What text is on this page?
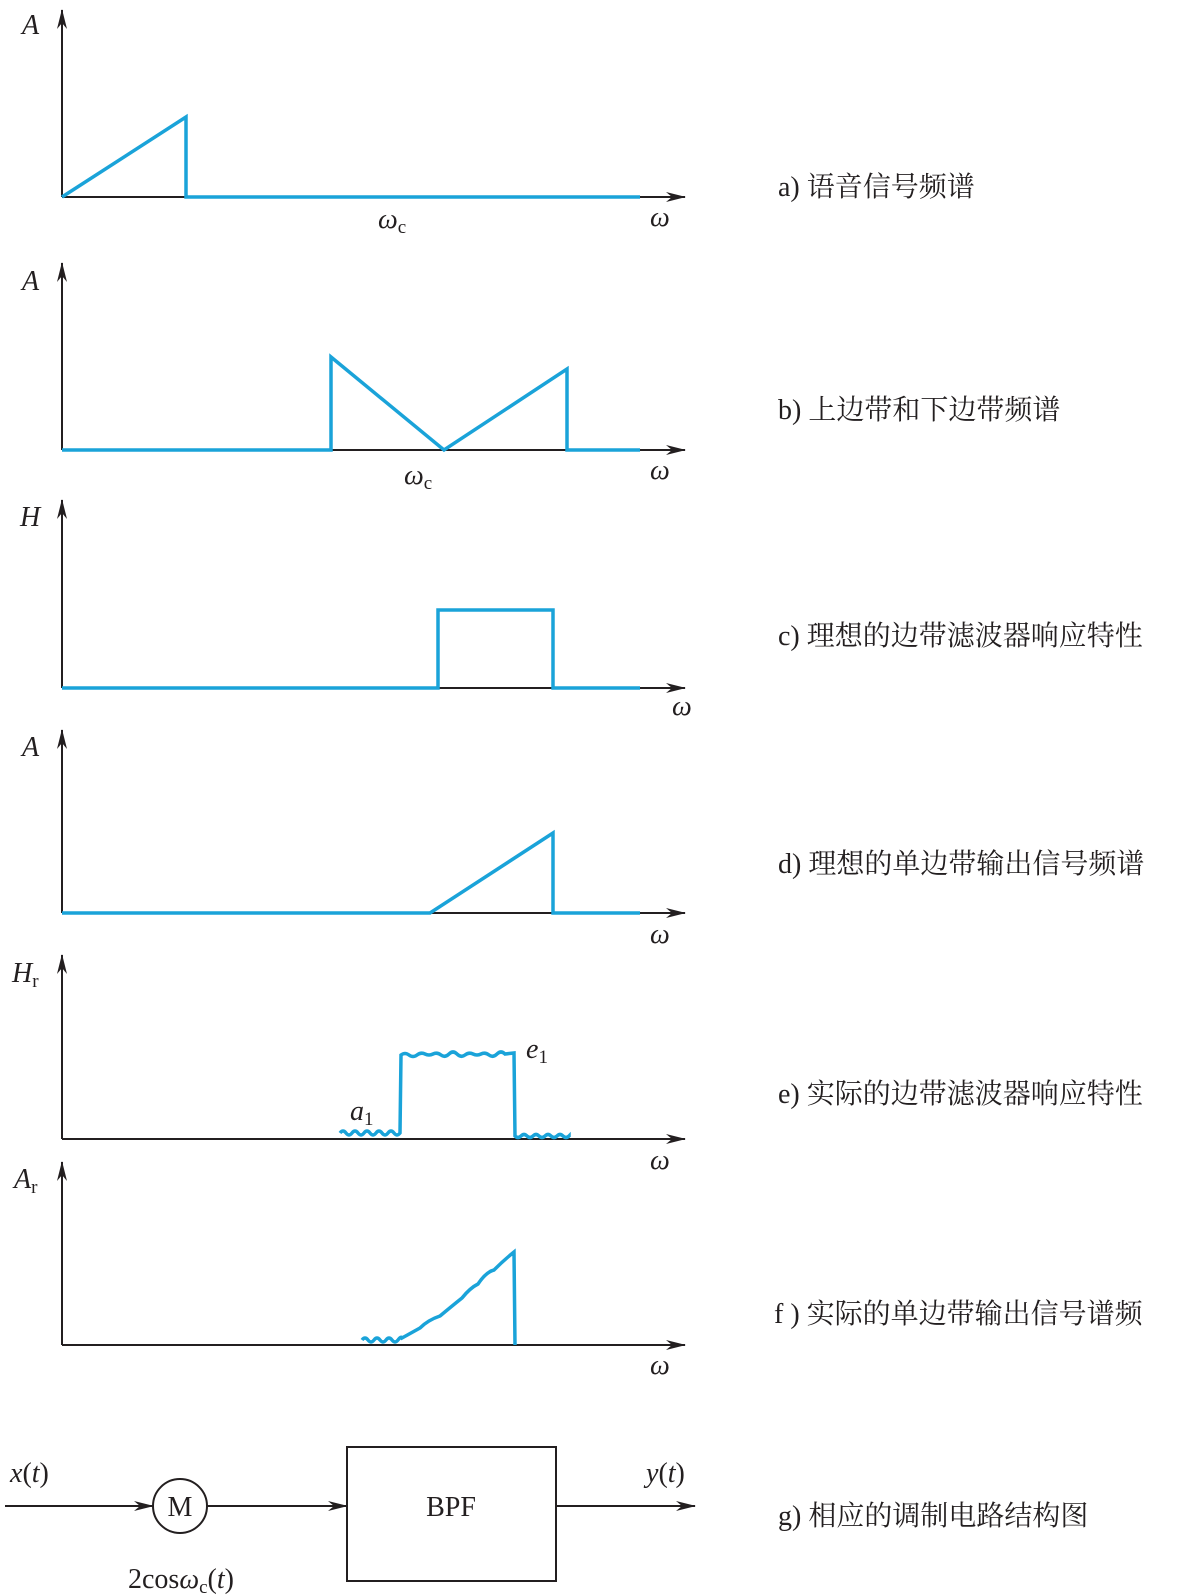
A
ω
ωc
a) 语音信号频谱
A
ω
ωc
b) 上边带和下边带频谱
H
ω
c) 理想的边带滤波器响应特性
A
ω
d) 理想的单边带输出信号频谱
Hr
ω
a1
e1
e) 实际的边带滤波器响应特性
Ar
ω
f ) 实际的单边带输出信号谱频
x(t)
M
2cosωc(t)
BPF
y(t)
g) 相应的调制电路结构图
